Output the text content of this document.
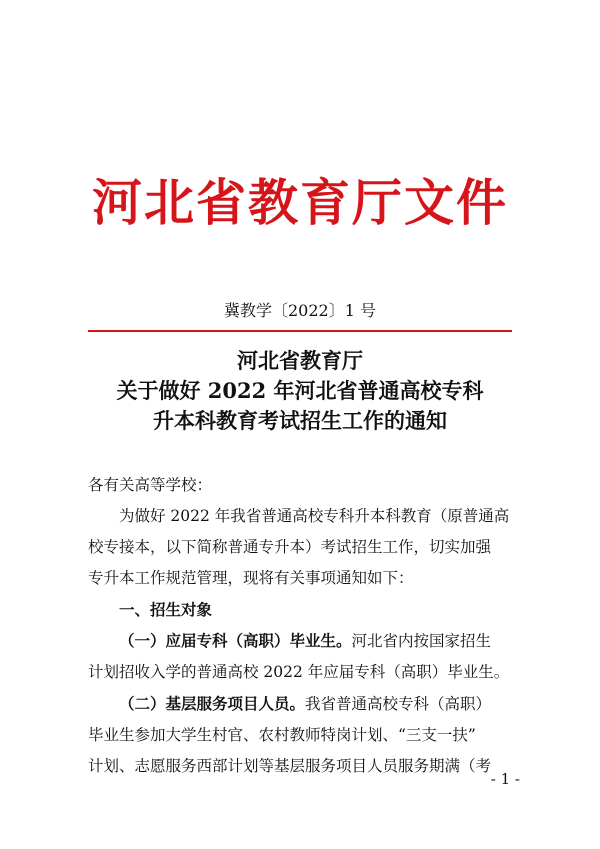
河北省教育厅文件
冀教学〔2022〕1 号
河北省教育厅
关于做好 2022 年河北省普通高校专科
升本科教育考试招生工作的通知
各有关高等学校：
为做好 2022 年我省普通高校专科升本科教育（原普通高
校专接本，以下简称普通专升本）考试招生工作，切实加强
专升本工作规范管理，现将有关事项通知如下：
一、招生对象
（一）应届专科（高职）毕业生。河北省内按国家招生
计划招收入学的普通高校 2022 年应届专科（高职）毕业生。
（二）基层服务项目人员。我省普通高校专科（高职）
毕业生参加大学生村官、农村教师特岗计划、“三支一扶”
计划、志愿服务西部计划等基层服务项目人员服务期满（考
- 1 -
